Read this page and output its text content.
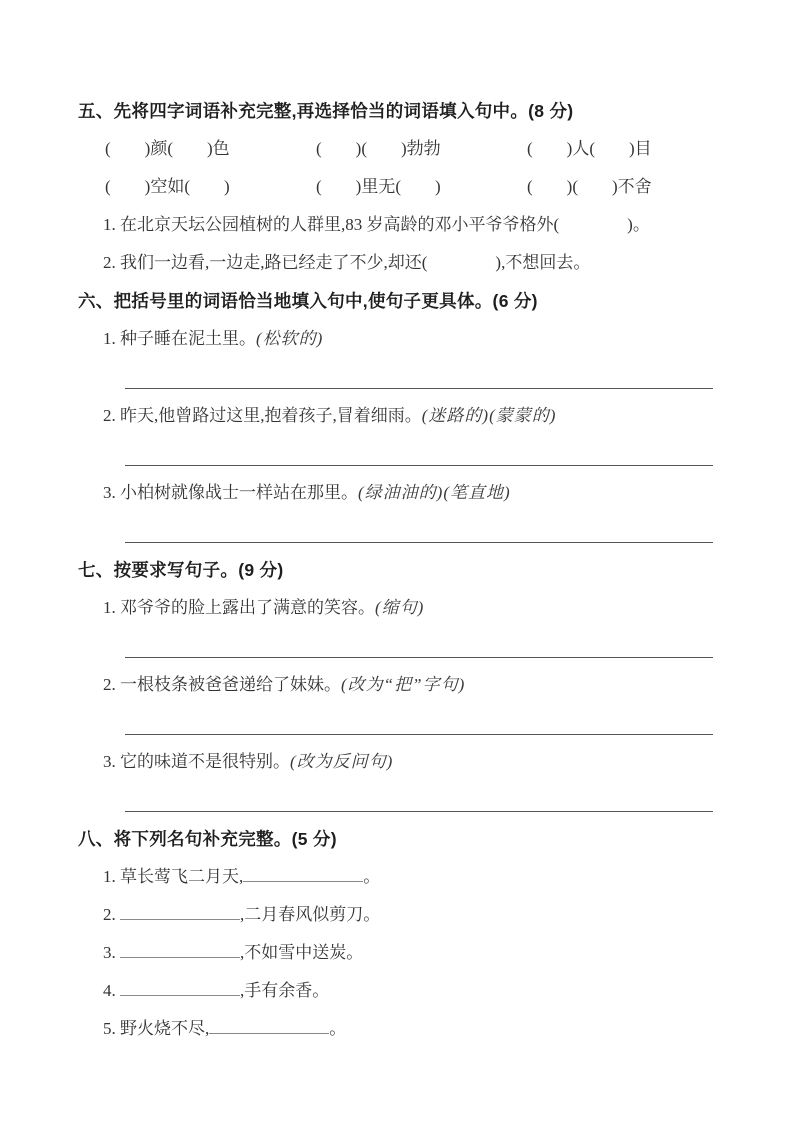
五、先将四字词语补充完整,再选择恰当的词语填入句中。(8 分)
(　　)颜(　　)色	(　　)(　　)勃勃	(　　)人(　　)目
(　　)空如(　　)	(　　)里无(　　)	(　　)(　　)不舍
1. 在北京天坛公园植树的人群里,83 岁高龄的邓小平爷爷格外(　　　　)。
2. 我们一边看,一边走,路已经走了不少,却还(　　　　),不想回去。
六、把括号里的词语恰当地填入句中,使句子更具体。(6 分)
1. 种子睡在泥土里。(松软的)
2. 昨天,他曾路过这里,抱着孩子,冒着细雨。(迷路的)(蒙蒙的)
3. 小柏树就像战士一样站在那里。(绿油油的)(笔直地)
七、按要求写句子。(9 分)
1. 邓爷爷的脸上露出了满意的笑容。(缩句)
2. 一根枝条被爸爸递给了妹妹。(改为“把”字句)
3. 它的味道不是很特别。(改为反问句)
八、将下列名句补充完整。(5 分)
1. 草长莺飞二月天,	。
2.	,二月春风似剪刀。
3.	,不如雪中送炭。
4.	,手有余香。
5. 野火烧不尽,	。
